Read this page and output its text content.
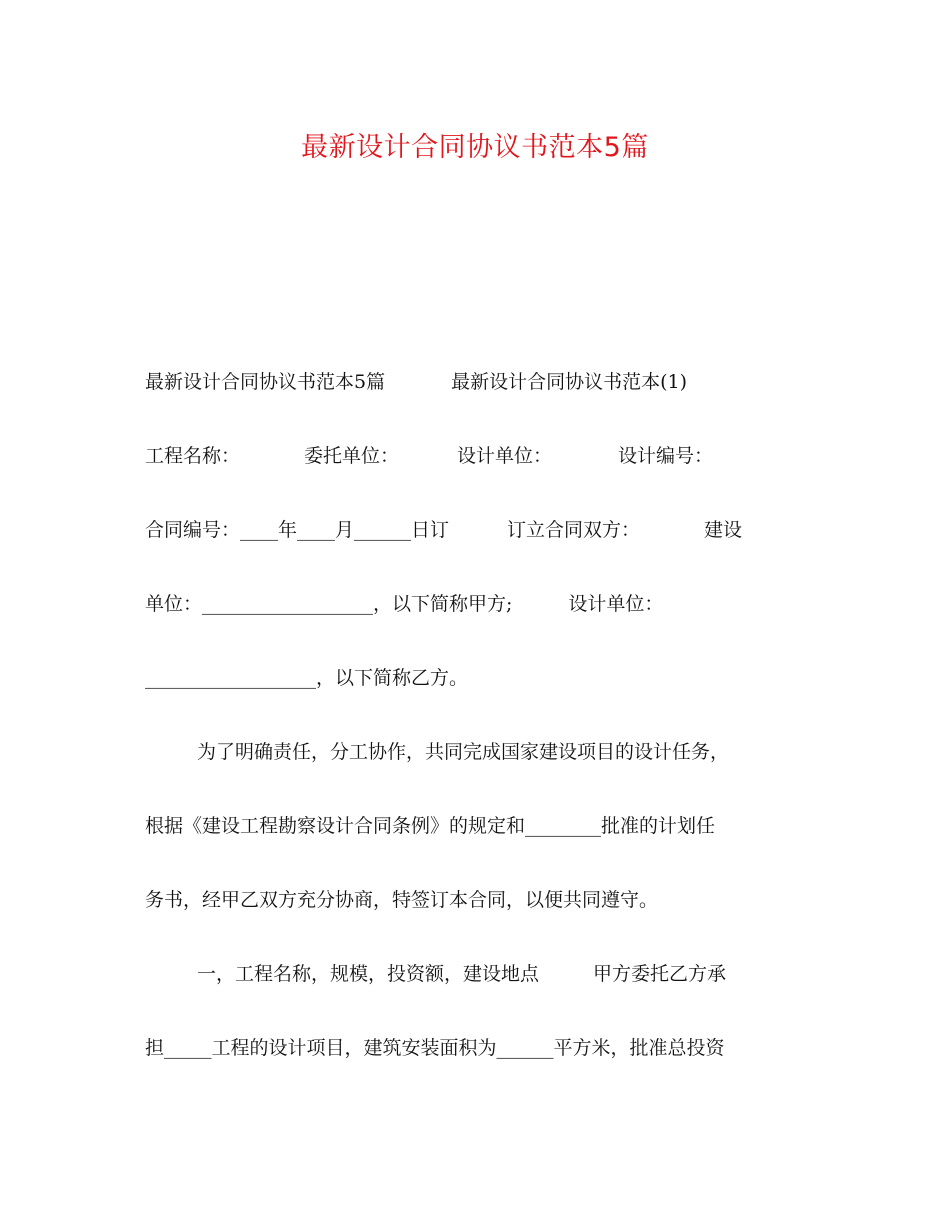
最新设计合同协议书范本5篇
最新设计合同协议书范本5篇	最新设计合同协议书范本(1)
工程名称：	委托单位：	设计单位：	设计编号：
合同编号：____年____月______日订	订立合同双方：	建设
单位：__________________，以下简称甲方;	设计单位：
__________________，以下简称乙方。
为了明确责任，分工协作，共同完成国家建设项目的设计任务，
根据《建设工程勘察设计合同条例》的规定和________批准的计划任
务书，经甲乙双方充分协商，特签订本合同，以便共同遵守。
一，工程名称，规模，投资额，建设地点	甲方委托乙方承
担_____工程的设计项目，建筑安装面积为______平方米，批准总投资
